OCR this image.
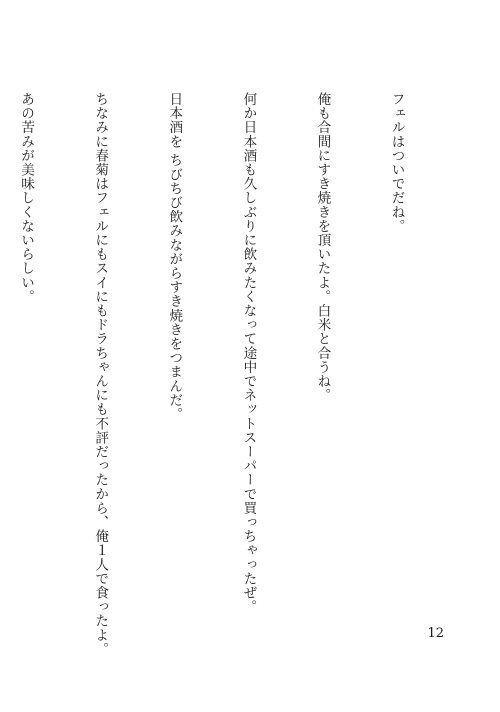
フェルはついでだね。

俺も合間にすき焼きを頂いたよ。白米と合うね。

何か日本酒も久しぶりに飲みたくなって途中でネットスーパーで買っちゃったぜ。

日本酒を ちびちび飲みながらすき焼きをつまんだ。

ちなみに春菊はフェルにもスイにもドラちゃんにも不評だったから、俺１人で食ったよ。

あの苦みが美味しくないらしい。

12
